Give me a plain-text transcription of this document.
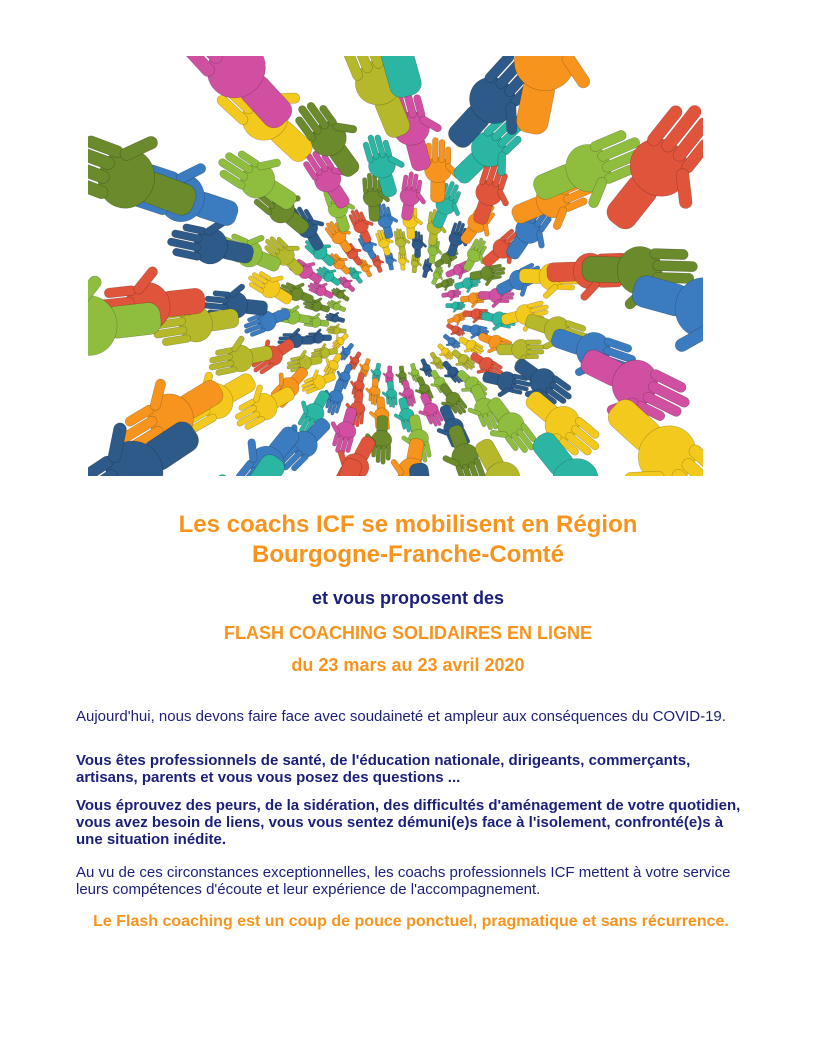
Les coachs ICF se mobilisent en Région
Bourgogne-Franche-Comté
et vous proposent des
FLASH COACHING SOLIDAIRES EN LIGNE
du 23 mars au 23 avril 2020
Aujourd'hui, nous devons faire face avec soudaineté et ampleur aux conséquences du COVID-19.
Vous êtes professionnels de santé, de l'éducation nationale, dirigeants, commerçants, artisans, parents et vous vous posez des questions ...
Vous éprouvez des peurs, de la sidération, des difficultés d'aménagement de votre quotidien, vous avez besoin de liens, vous vous sentez démuni(e)s face à l'isolement, confronté(e)s à une situation inédite.
Au vu de ces circonstances exceptionnelles, les coachs professionnels ICF mettent à votre service leurs compétences d'écoute et leur expérience de l'accompagnement.
Le Flash coaching est un coup de pouce ponctuel, pragmatique et sans récurrence.
